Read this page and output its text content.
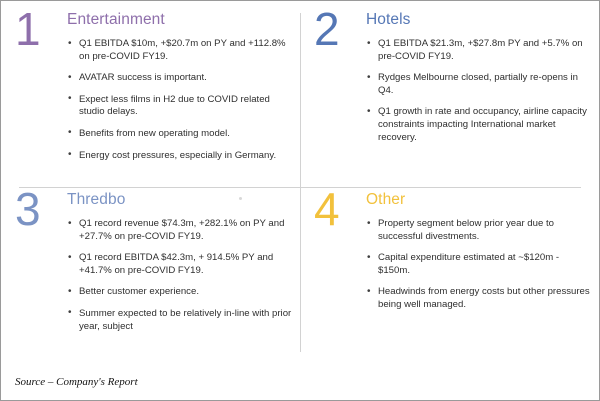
1	Entertainment
• Q1 EBITDA $10m, +$20.7m on PY and +112.8% on pre-COVID FY19.
• AVATAR success is important.
• Expect less films in H2 due to COVID related studio delays.
• Benefits from new operating model.
• Energy cost pressures, especially in Germany.
2	Hotels
• Q1 EBITDA $21.3m, +$27.8m PY and +5.7% on pre-COVID FY19.
• Rydges Melbourne closed, partially re-opens in Q4.
• Q1 growth in rate and occupancy, airline capacity constraints impacting International market recovery.
3	Thredbo
• Q1 record revenue $74.3m, +282.1% on PY and +27.7% on pre-COVID FY19.
• Q1 record EBITDA $42.3m, + 914.5% PY and +41.7% on pre-COVID FY19.
• Better customer experience.
• Summer expected to be relatively in-line with prior year, subject
4	Other
• Property segment below prior year due to successful divestments.
• Capital expenditure estimated at ~$120m - $150m.
• Headwinds from energy costs but other pressures being well managed.
Source – Company's Report
